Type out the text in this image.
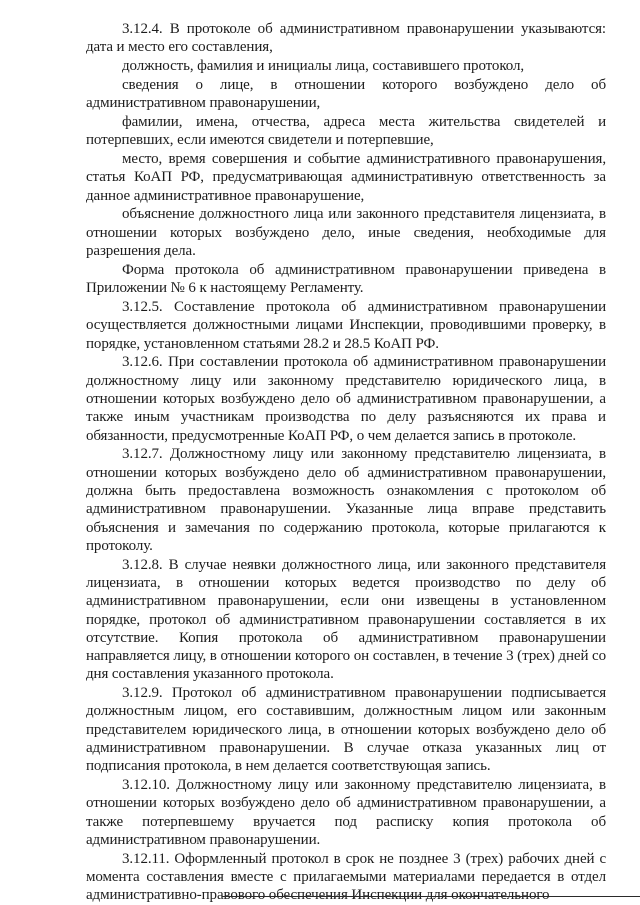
3.12.4. В протоколе об административном правонарушении указываются: дата и место его составления,

должность, фамилия и инициалы лица, составившего протокол,

сведения о лице, в отношении которого возбуждено дело об административном правонарушении,

фамилии, имена, отчества, адреса места жительства свидетелей и потерпевших, если имеются свидетели и потерпевшие,

место, время совершения и событие административного правонарушения, статья КоАП РФ, предусматривающая административную ответственность за данное административное правонарушение,

объяснение должностного лица или законного представителя лицензиата, в отношении которых возбуждено дело, иные сведения, необходимые для разрешения дела.

Форма протокола об административном правонарушении приведена в Приложении № 6 к настоящему Регламенту.

3.12.5. Составление протокола об административном правонарушении осуществляется должностными лицами Инспекции, проводившими проверку, в порядке, установленном статьями 28.2 и 28.5 КоАП РФ.

3.12.6. При составлении протокола об административном правонарушении должностному лицу или законному представителю юридического лица, в отношении которых возбуждено дело об административном правонарушении, а также иным участникам производства по делу разъясняются их права и обязанности, предусмотренные КоАП РФ, о чем делается запись в протоколе.

3.12.7. Должностному лицу или законному представителю лицензиата, в отношении которых возбуждено дело об административном правонарушении, должна быть предоставлена возможность ознакомления с протоколом об административном правонарушении. Указанные лица вправе представить объяснения и замечания по содержанию протокола, которые прилагаются к протоколу.

3.12.8. В случае неявки должностного лица, или законного представителя лицензиата, в отношении которых ведется производство по делу об административном правонарушении, если они извещены в установленном порядке, протокол об административном правонарушении составляется в их отсутствие. Копия протокола об административном правонарушении направляется лицу, в отношении которого он составлен, в течение 3 (трех) дней со дня составления указанного протокола.

3.12.9. Протокол об административном правонарушении подписывается должностным лицом, его составившим, должностным лицом или законным представителем юридического лица, в отношении которых возбуждено дело об административном правонарушении. В случае отказа указанных лиц от подписания протокола, в нем делается соответствующая запись.

3.12.10. Должностному лицу или законному представителю лицензиата, в отношении которых возбуждено дело об административном правонарушении, а также потерпевшему вручается под расписку копия протокола об административном правонарушении.

3.12.11. Оформленный протокол в срок не позднее 3 (трех) рабочих дней с момента составления вместе с прилагаемыми материалами передается в отдел административно-правового обеспечения Инспекции для окончательного
